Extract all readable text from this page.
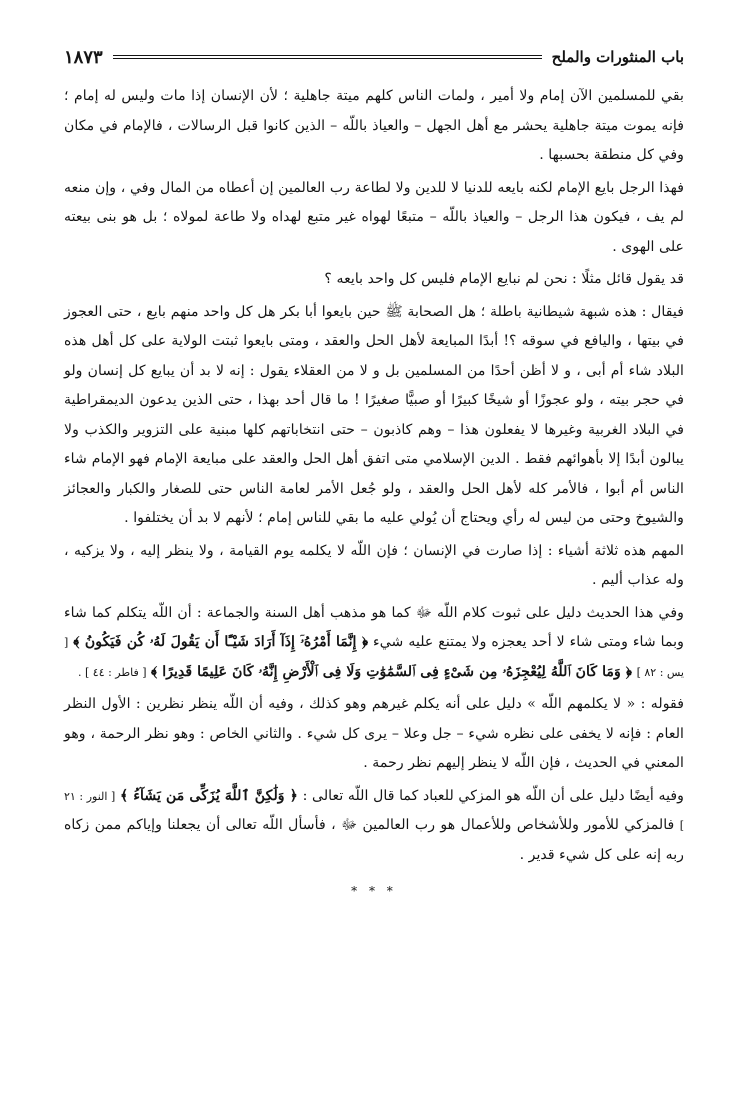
باب المنثورات والملح
١٨٧٣

بقي للمسلمين الآن إمام ولا أمير ، ولمات الناس كلهم ميتة جاهلية ؛ لأن الإنسان إذا مات وليس له إمام ؛ فإنه يموت ميتة جاهلية يحشر مع أهل الجهل – والعياذ باللّه – الذين كانوا قبل الرسالات ، فالإمام في مكان وفي كل منطقة بحسبها .

فهذا الرجل بايع الإمام لكنه بايعه للدنيا لا للدين ولا لطاعة رب العالمين إن أعطاه من المال وفي ، وإن منعه لم يف ، فيكون هذا الرجل – والعياذ باللّه – متبعًا لهواه غير متبع لهداه ولا طاعة لمولاه ؛ بل هو بنى بيعته على الهوى .

قد يقول قائل مثلًا : نحن لم نبايع الإمام فليس كل واحد بايعه ؟

فيقال : هذه شبهة شيطانية باطلة ؛ هل الصحابة ﷺ حين بايعوا أبا بكر هل كل واحد منهم بايع ، حتى العجوز في بيتها ، واليافع في سوقه ؟! أبدًا المبايعة لأهل الحل والعقد ، ومتى بايعوا ثبتت الولاية على كل أهل هذه البلاد شاء أم أبى ، و لا أظن أحدًا من المسلمين بل و لا من العقلاء يقول : إنه لا بد أن يبايع كل إنسان ولو في حجر بيته ، ولو عجوزًا أو شيخًا كبيرًا أو صبيًّا صغيرًا ! ما قال أحد بهذا ، حتى الذين يدعون الديمقراطية في البلاد الغربية وغيرها لا يفعلون هذا – وهم كاذبون – حتى انتخاباتهم كلها مبنية على التزوير والكذب ولا يبالون أبدًا إلا بأهوائهم فقط . الدين الإسلامي متى اتفق أهل الحل والعقد على مبايعة الإمام فهو الإمام شاء الناس أم أبوا ، فالأمر كله لأهل الحل والعقد ، ولو جُعل الأمر لعامة الناس حتى للصغار والكبار والعجائز والشيوخ وحتى من ليس له رأي ويحتاج أن يُولي عليه ما بقي للناس إمام ؛ لأنهم لا بد أن يختلفوا .

المهم هذه ثلاثة أشياء : إذا صارت في الإنسان ؛ فإن اللّه لا يكلمه يوم القيامة ، ولا ينظر إليه ، ولا يزكيه ، وله عذاب أليم .

وفي هذا الحديث دليل على ثبوت كلام اللّه ﷻ كما هو مذهب أهل السنة والجماعة : أن اللّه يتكلم كما شاء وبما شاء ومتى شاء لا أحد يعجزه ولا يمتنع عليه شيء ﴿ إِنَّمَا أَمْرُهُۥٓ إِذَآ أَرَادَ شَيْـًٔا أَن يَقُولَ لَهُۥ كُن فَيَكُونُ ﴾ [ يس : ٨٢ ] ﴿ وَمَا كَانَ ٱللَّهُ لِيُعْجِزَهُۥ مِن شَىْءٍ فِى ٱلسَّمَٰوَٰتِ وَلَا فِى ٱلْأَرْضِ إِنَّهُۥ كَانَ عَلِيمًا قَدِيرًا ﴾ [ فاطر : ٤٤ ] .

فقوله : « لا يكلمهم اللّه » دليل على أنه يكلم غيرهم وهو كذلك ، وفيه أن اللّه ينظر نظرين : الأول النظر العام : فإنه لا يخفى على نظره شيء – جل وعلا – يرى كل شيء . والثاني الخاص : وهو نظر الرحمة ، وهو المعني في الحديث ، فإن اللّه لا ينظر إليهم نظر رحمة .

وفيه أيضًا دليل على أن اللّه هو المزكي للعباد كما قال اللّه تعالى : ﴿ وَلَٰكِنَّ ٱللَّهَ يُزَكِّى مَن يَشَآءُ ﴾ [ النور : ٢١ ] فالمزكي للأمور وللأشخاص وللأعمال هو رب العالمين ﷻ ، فأسأل اللّه تعالى أن يجعلنا وإياكم ممن زكاه ربه إنه على كل شيء قدير .

* * *
